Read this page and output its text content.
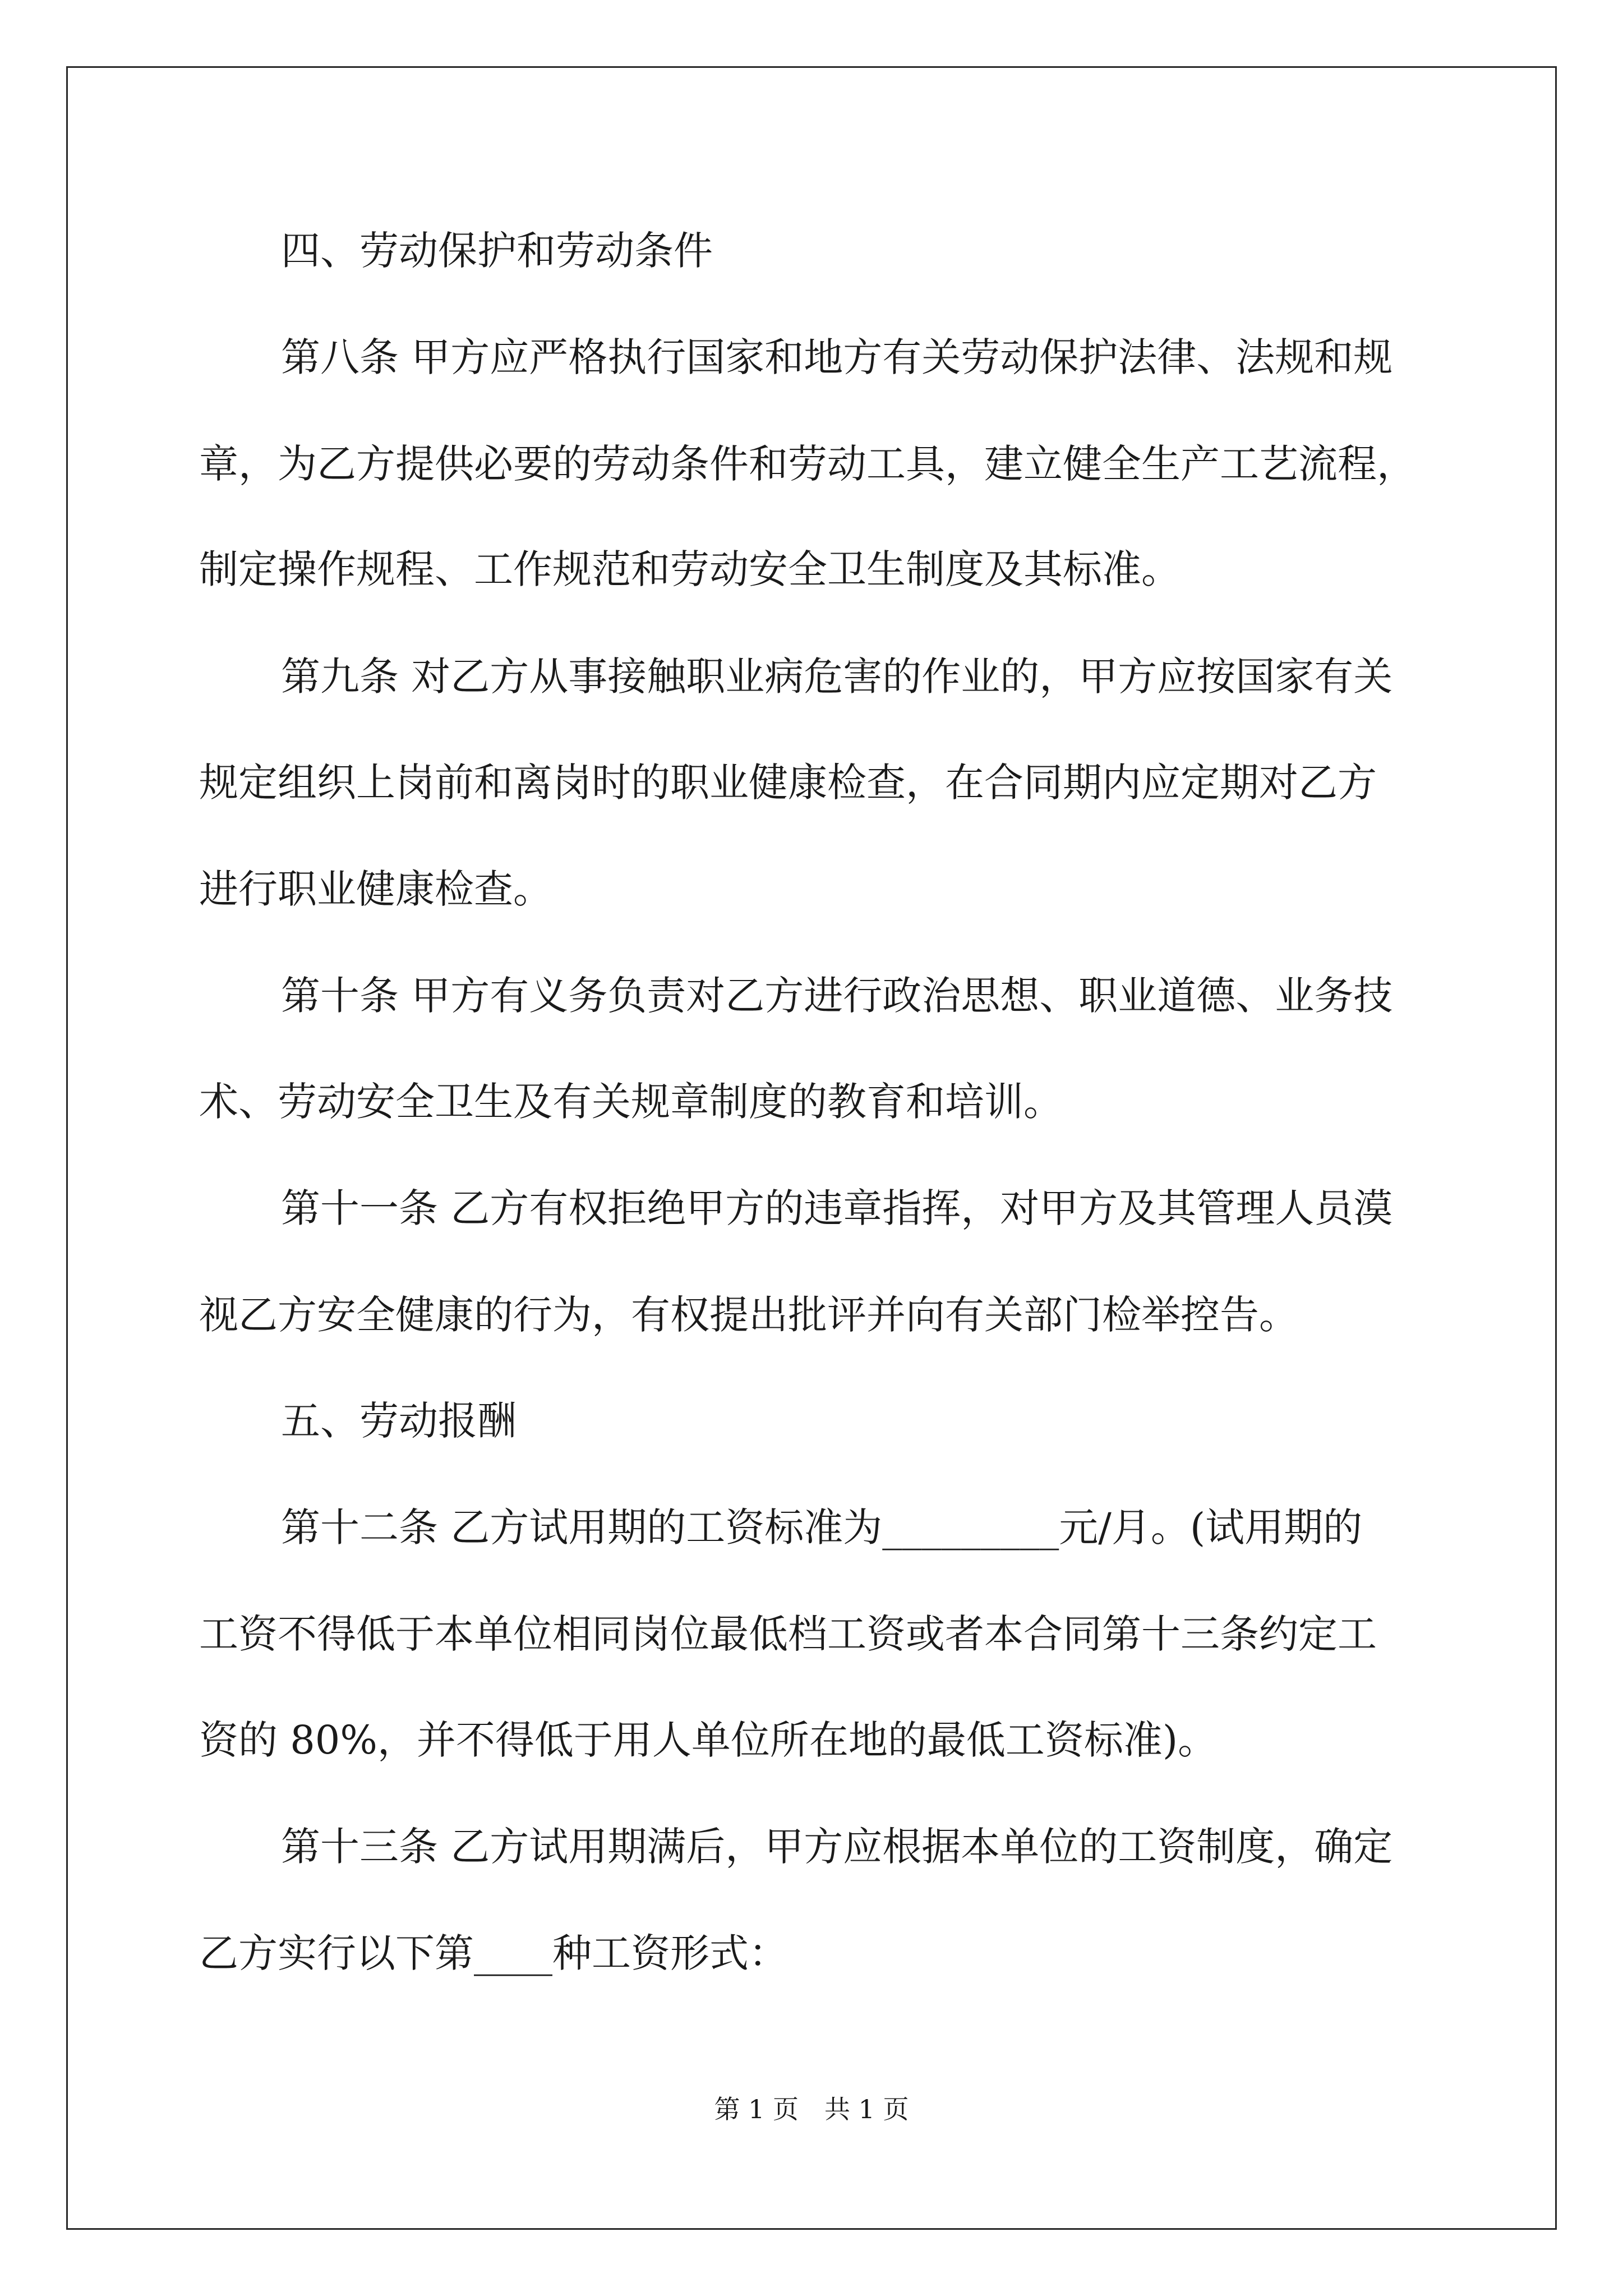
四、劳动保护和劳动条件
第八条 甲方应严格执行国家和地方有关劳动保护法律、法规和规
章，为乙方提供必要的劳动条件和劳动工具，建立健全生产工艺流程，
制定操作规程、工作规范和劳动安全卫生制度及其标准。
第九条 对乙方从事接触职业病危害的作业的，甲方应按国家有关
规定组织上岗前和离岗时的职业健康检查，在合同期内应定期对乙方
进行职业健康检查。
第十条 甲方有义务负责对乙方进行政治思想、职业道德、业务技
术、劳动安全卫生及有关规章制度的教育和培训。
第十一条 乙方有权拒绝甲方的违章指挥，对甲方及其管理人员漠
视乙方安全健康的行为，有权提出批评并向有关部门检举控告。
五、劳动报酬
第十二条 乙方试用期的工资标准为_________元/月。(试用期的
工资不得低于本单位相同岗位最低档工资或者本合同第十三条约定工
资的 80%，并不得低于用人单位所在地的最低工资标准)。
第十三条 乙方试用期满后，甲方应根据本单位的工资制度，确定
乙方实行以下第____种工资形式：
第 1 页　共 1 页
